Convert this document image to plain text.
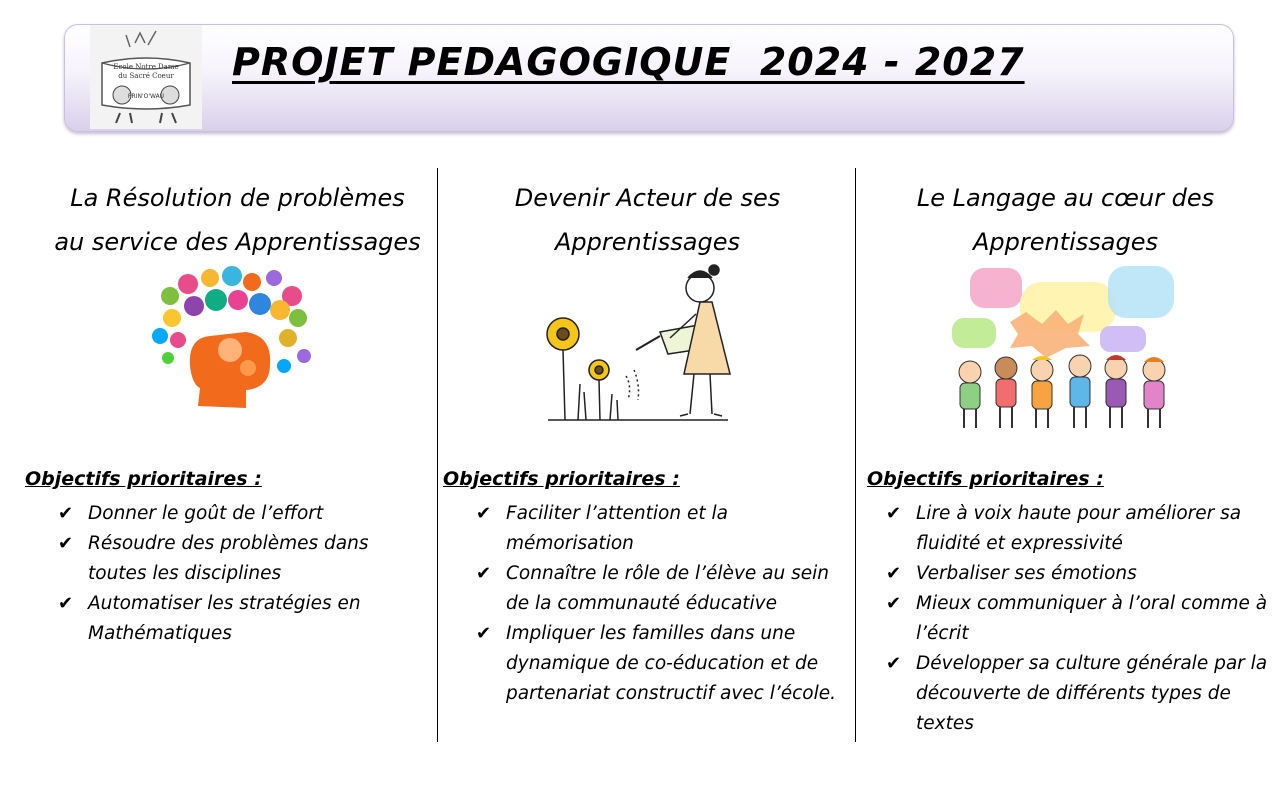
Ecole Notre Dame
du Sacré Coeur
PRIN'O'WAU
PROJET PEDAGOGIQUE  2024 - 2027
La Résolution de problèmes
au service des Apprentissages
Objectifs prioritaires :
✔ Donner le goût de l’effort
✔ Résoudre des problèmes dans toutes les disciplines
✔ Automatiser les stratégies en Mathématiques
Devenir Acteur de ses
Apprentissages
Objectifs prioritaires :
✔ Faciliter l’attention et la mémorisation
✔ Connaître le rôle de l’élève au sein de la communauté éducative
✔ Impliquer les familles dans une dynamique de co-éducation et de partenariat constructif avec l’école.
Le Langage au cœur des
Apprentissages
Objectifs prioritaires :
✔ Lire à voix haute pour améliorer sa fluidité et expressivité
✔ Verbaliser ses émotions
✔ Mieux communiquer à l’oral comme à l’écrit
✔ Développer sa culture générale par la découverte de différents types de textes
